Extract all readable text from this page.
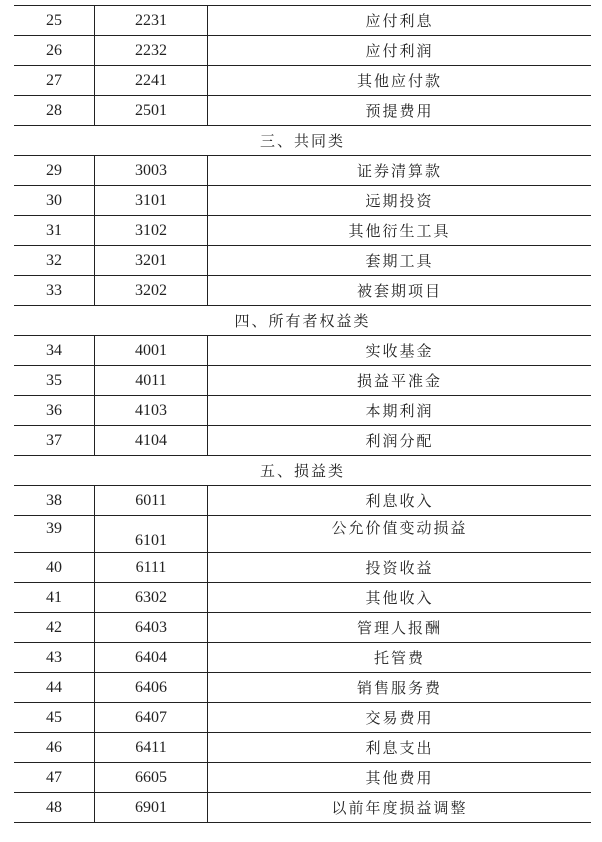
25	2231	应付利息
26	2232	应付利润
27	2241	其他应付款
28	2501	预提费用
三、共同类		
29	3003	证券清算款
30	3101	远期投资
31	3102	其他衍生工具
32	3201	套期工具
33	3202	被套期项目
四、所有者权益类		
34	4001	实收基金
35	4011	损益平准金
36	4103	本期利润
37	4104	利润分配
五、损益类		
38	6011	利息收入
39	6101	公允价值变动损益
40	6111	投资收益
41	6302	其他收入
42	6403	管理人报酬
43	6404	托管费
44	6406	销售服务费
45	6407	交易费用
46	6411	利息支出
47	6605	其他费用
48	6901	以前年度损益调整
